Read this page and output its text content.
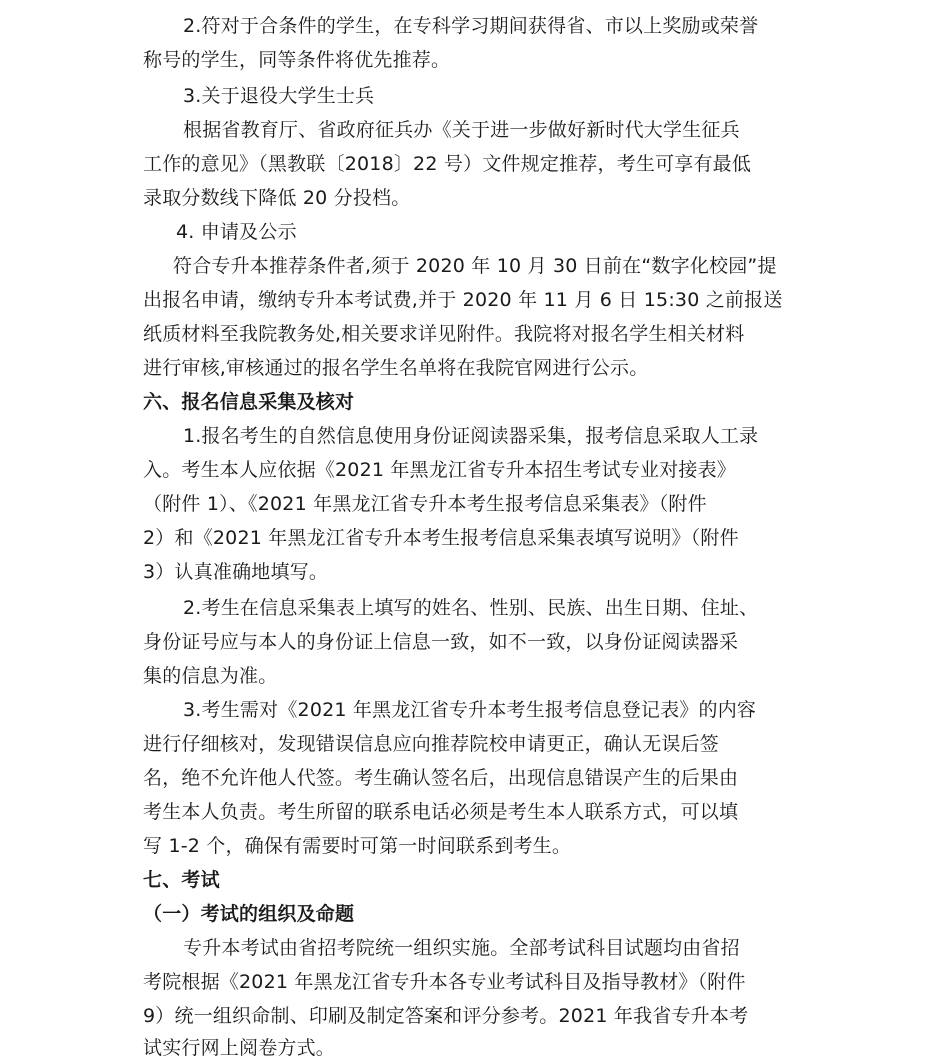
2.符对于合条件的学生，在专科学习期间获得省、市以上奖励或荣誉
称号的学生，同等条件将优先推荐。
3.关于退役大学生士兵
根据省教育厅、省政府征兵办《关于进一步做好新时代大学生征兵
工作的意见》（黑教联〔2018〕22 号）文件规定推荐，考生可享有最低
录取分数线下降低 20 分投档。
4. 申请及公示
符合专升本推荐条件者,须于 2020 年 10 月 30 日前在“数字化校园”提
出报名申请，缴纳专升本考试费,并于 2020 年 11 月 6 日 15:30 之前报送
纸质材料至我院教务处,相关要求详见附件。我院将对报名学生相关材料
进行审核,审核通过的报名学生名单将在我院官网进行公示。
六、报名信息采集及核对
1.报名考生的自然信息使用身份证阅读器采集，报考信息采取人工录
入。考生本人应依据《2021 年黑龙江省专升本招生考试专业对接表》
（附件 1）、《2021 年黑龙江省专升本考生报考信息采集表》（附件
2）和《2021 年黑龙江省专升本考生报考信息采集表填写说明》（附件
3）认真准确地填写。
2.考生在信息采集表上填写的姓名、性别、民族、出生日期、住址、
身份证号应与本人的身份证上信息一致，如不一致，以身份证阅读器采
集的信息为准。
3.考生需对《2021 年黑龙江省专升本考生报考信息登记表》的内容
进行仔细核对，发现错误信息应向推荐院校申请更正，确认无误后签
名，绝不允许他人代签。考生确认签名后，出现信息错误产生的后果由
考生本人负责。考生所留的联系电话必须是考生本人联系方式，可以填
写 1-2 个，确保有需要时可第一时间联系到考生。
七、考试
（一）考试的组织及命题
专升本考试由省招考院统一组织实施。全部考试科目试题均由省招
考院根据《2021 年黑龙江省专升本各专业考试科目及指导教材》（附件
9）统一组织命制、印刷及制定答案和评分参考。2021 年我省专升本考
试实行网上阅卷方式。
